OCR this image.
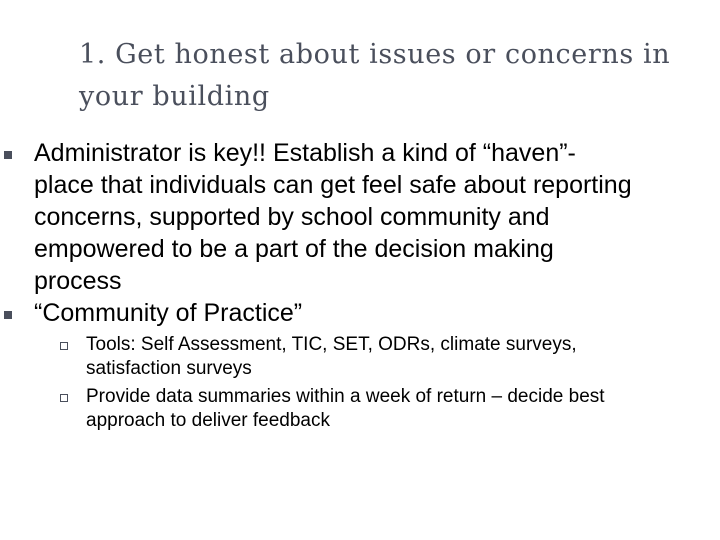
1. Get honest about issues or concerns in
your building
Administrator is key!! Establish a kind of “haven”- place that individuals can get feel safe about reporting concerns, supported by school community and empowered to be a part of the decision making process
“Community of Practice”
Tools: Self Assessment, TIC, SET, ODRs, climate surveys, satisfaction surveys
Provide data summaries within a week of return – decide best approach to deliver feedback
